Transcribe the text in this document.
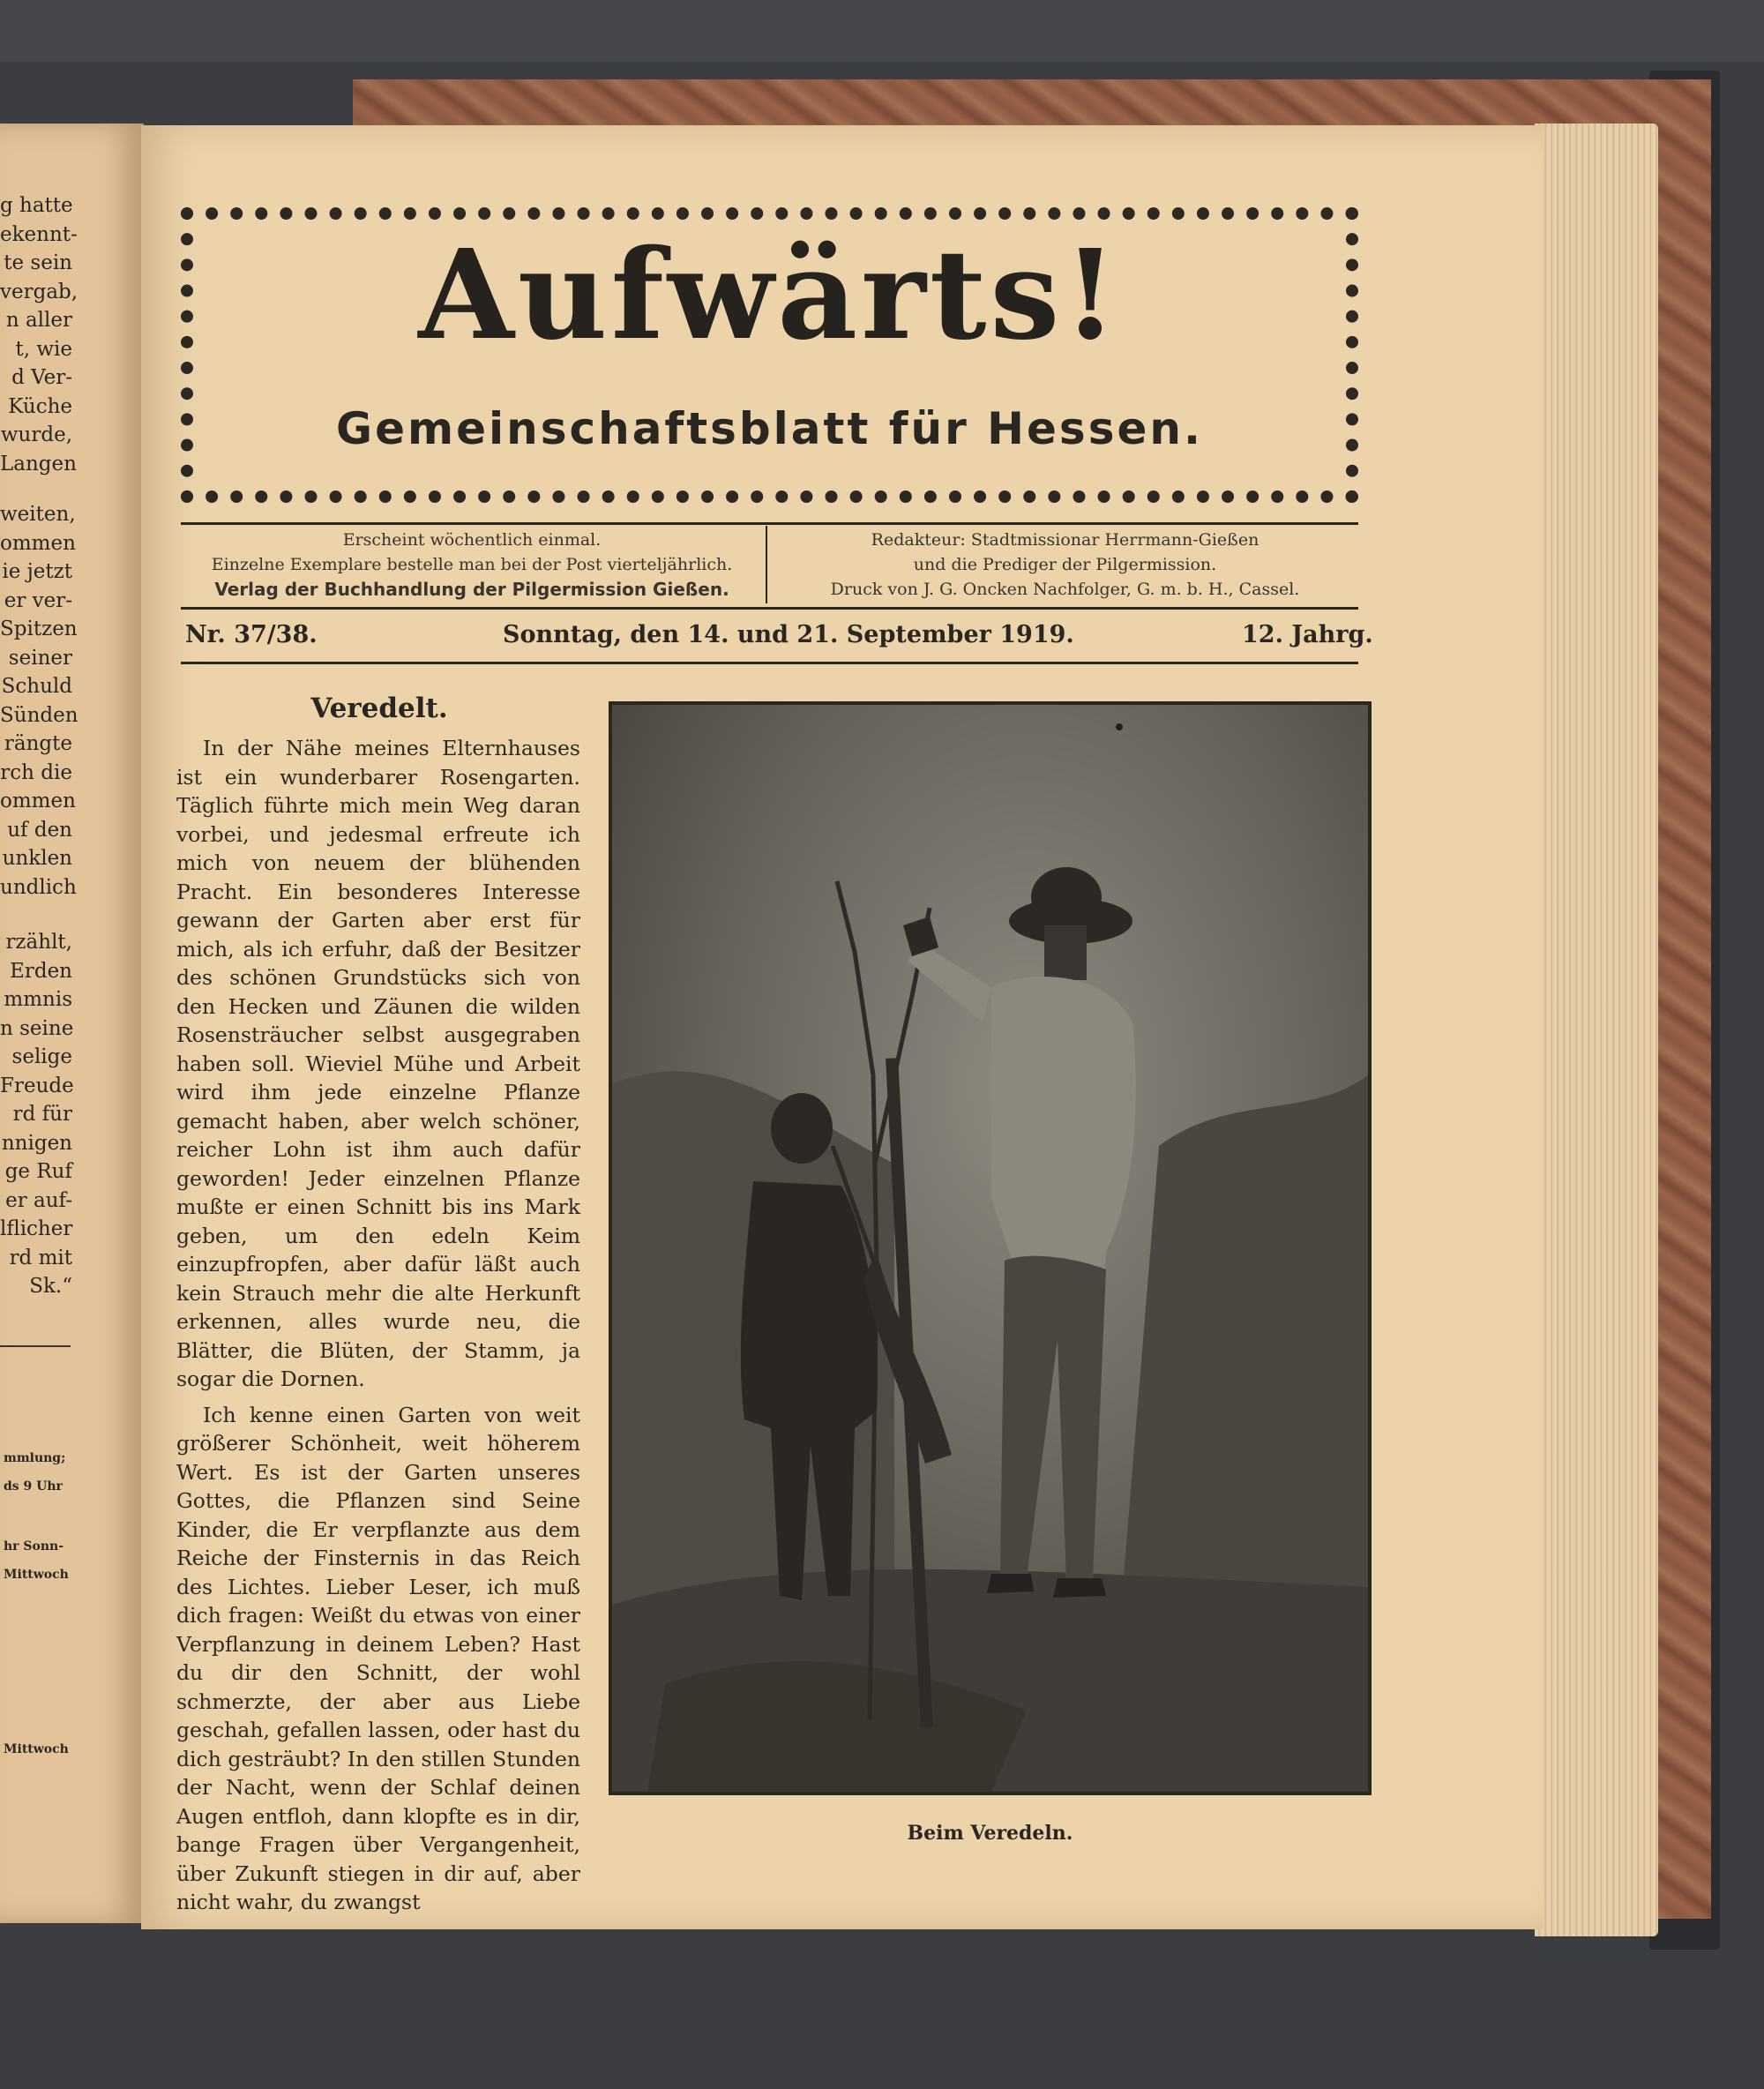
g hatte
ekennt-
te sein
vergab,
n aller
t, wie
d Ver-
Küche
wurde,
Langen
weiten,
ommen
ie jetzt
er ver-
Spitzen
seiner
Schuld
Sünden
rängte
rch die
ommen
uf den
unklen
undlich
rzählt,
Erden
mmnis
n seine
selige
Freude
rd für
nnigen
ge Ruf
er auf-
lflicher
rd mit
Sk.“
mmlung;
ds 9 Uhr
hr Sonn-
Mittwoch
Mittwoch
Aufwärts!
Gemeinschaftsblatt für Hessen.
Erscheint wöchentlich einmal.
Einzelne Exemplare bestelle man bei der Post vierteljährlich.
Verlag der Buchhandlung der Pilgermission Gießen.
Redakteur: Stadtmissionar Herrmann-Gießen
und die Prediger der Pilgermission.
Druck von J. G. Oncken Nachfolger, G. m. b. H., Cassel.
Nr. 37/38.	Sonntag, den 14. und 21. September 1919.	12. Jahrg.
Veredelt.

In der Nähe meines Elternhauses ist ein wunderbarer Rosengarten. Täglich führte mich mein Weg daran vorbei, und jedesmal erfreute ich mich von neuem der blühenden Pracht. Ein besonderes Interesse gewann der Garten aber erst für mich, als ich erfuhr, daß der Besitzer des schönen Grundstücks sich von den Hecken und Zäunen die wilden Rosensträucher selbst ausgegraben haben soll. Wieviel Mühe und Arbeit wird ihm jede einzelne Pflanze gemacht haben, aber welch schöner, reicher Lohn ist ihm auch dafür geworden! Jeder einzelnen Pflanze mußte er einen Schnitt bis ins Mark geben, um den edeln Keim einzupfropfen, aber dafür läßt auch kein Strauch mehr die alte Herkunft erkennen, alles wurde neu, die Blätter, die Blüten, der Stamm, ja sogar die Dornen.

Ich kenne einen Garten von weit größerer Schönheit, weit höherem Wert. Es ist der Garten unseres Gottes, die Pflanzen sind Seine Kinder, die Er verpflanzte aus dem Reiche der Finsternis in das Reich des Lichtes. Lieber Leser, ich muß dich fragen: Weißt du etwas von einer Verpflanzung in deinem Leben? Hast du dir den Schnitt, der wohl schmerzte, der aber aus Liebe geschah, gefallen lassen, oder hast du dich gesträubt? In den stillen Stunden der Nacht, wenn der Schlaf deinen Augen entfloh, dann klopfte es in dir, bange Fragen über Vergangenheit, über Zukunft stiegen in dir auf, aber nicht wahr, du zwangst

Beim Veredeln.
